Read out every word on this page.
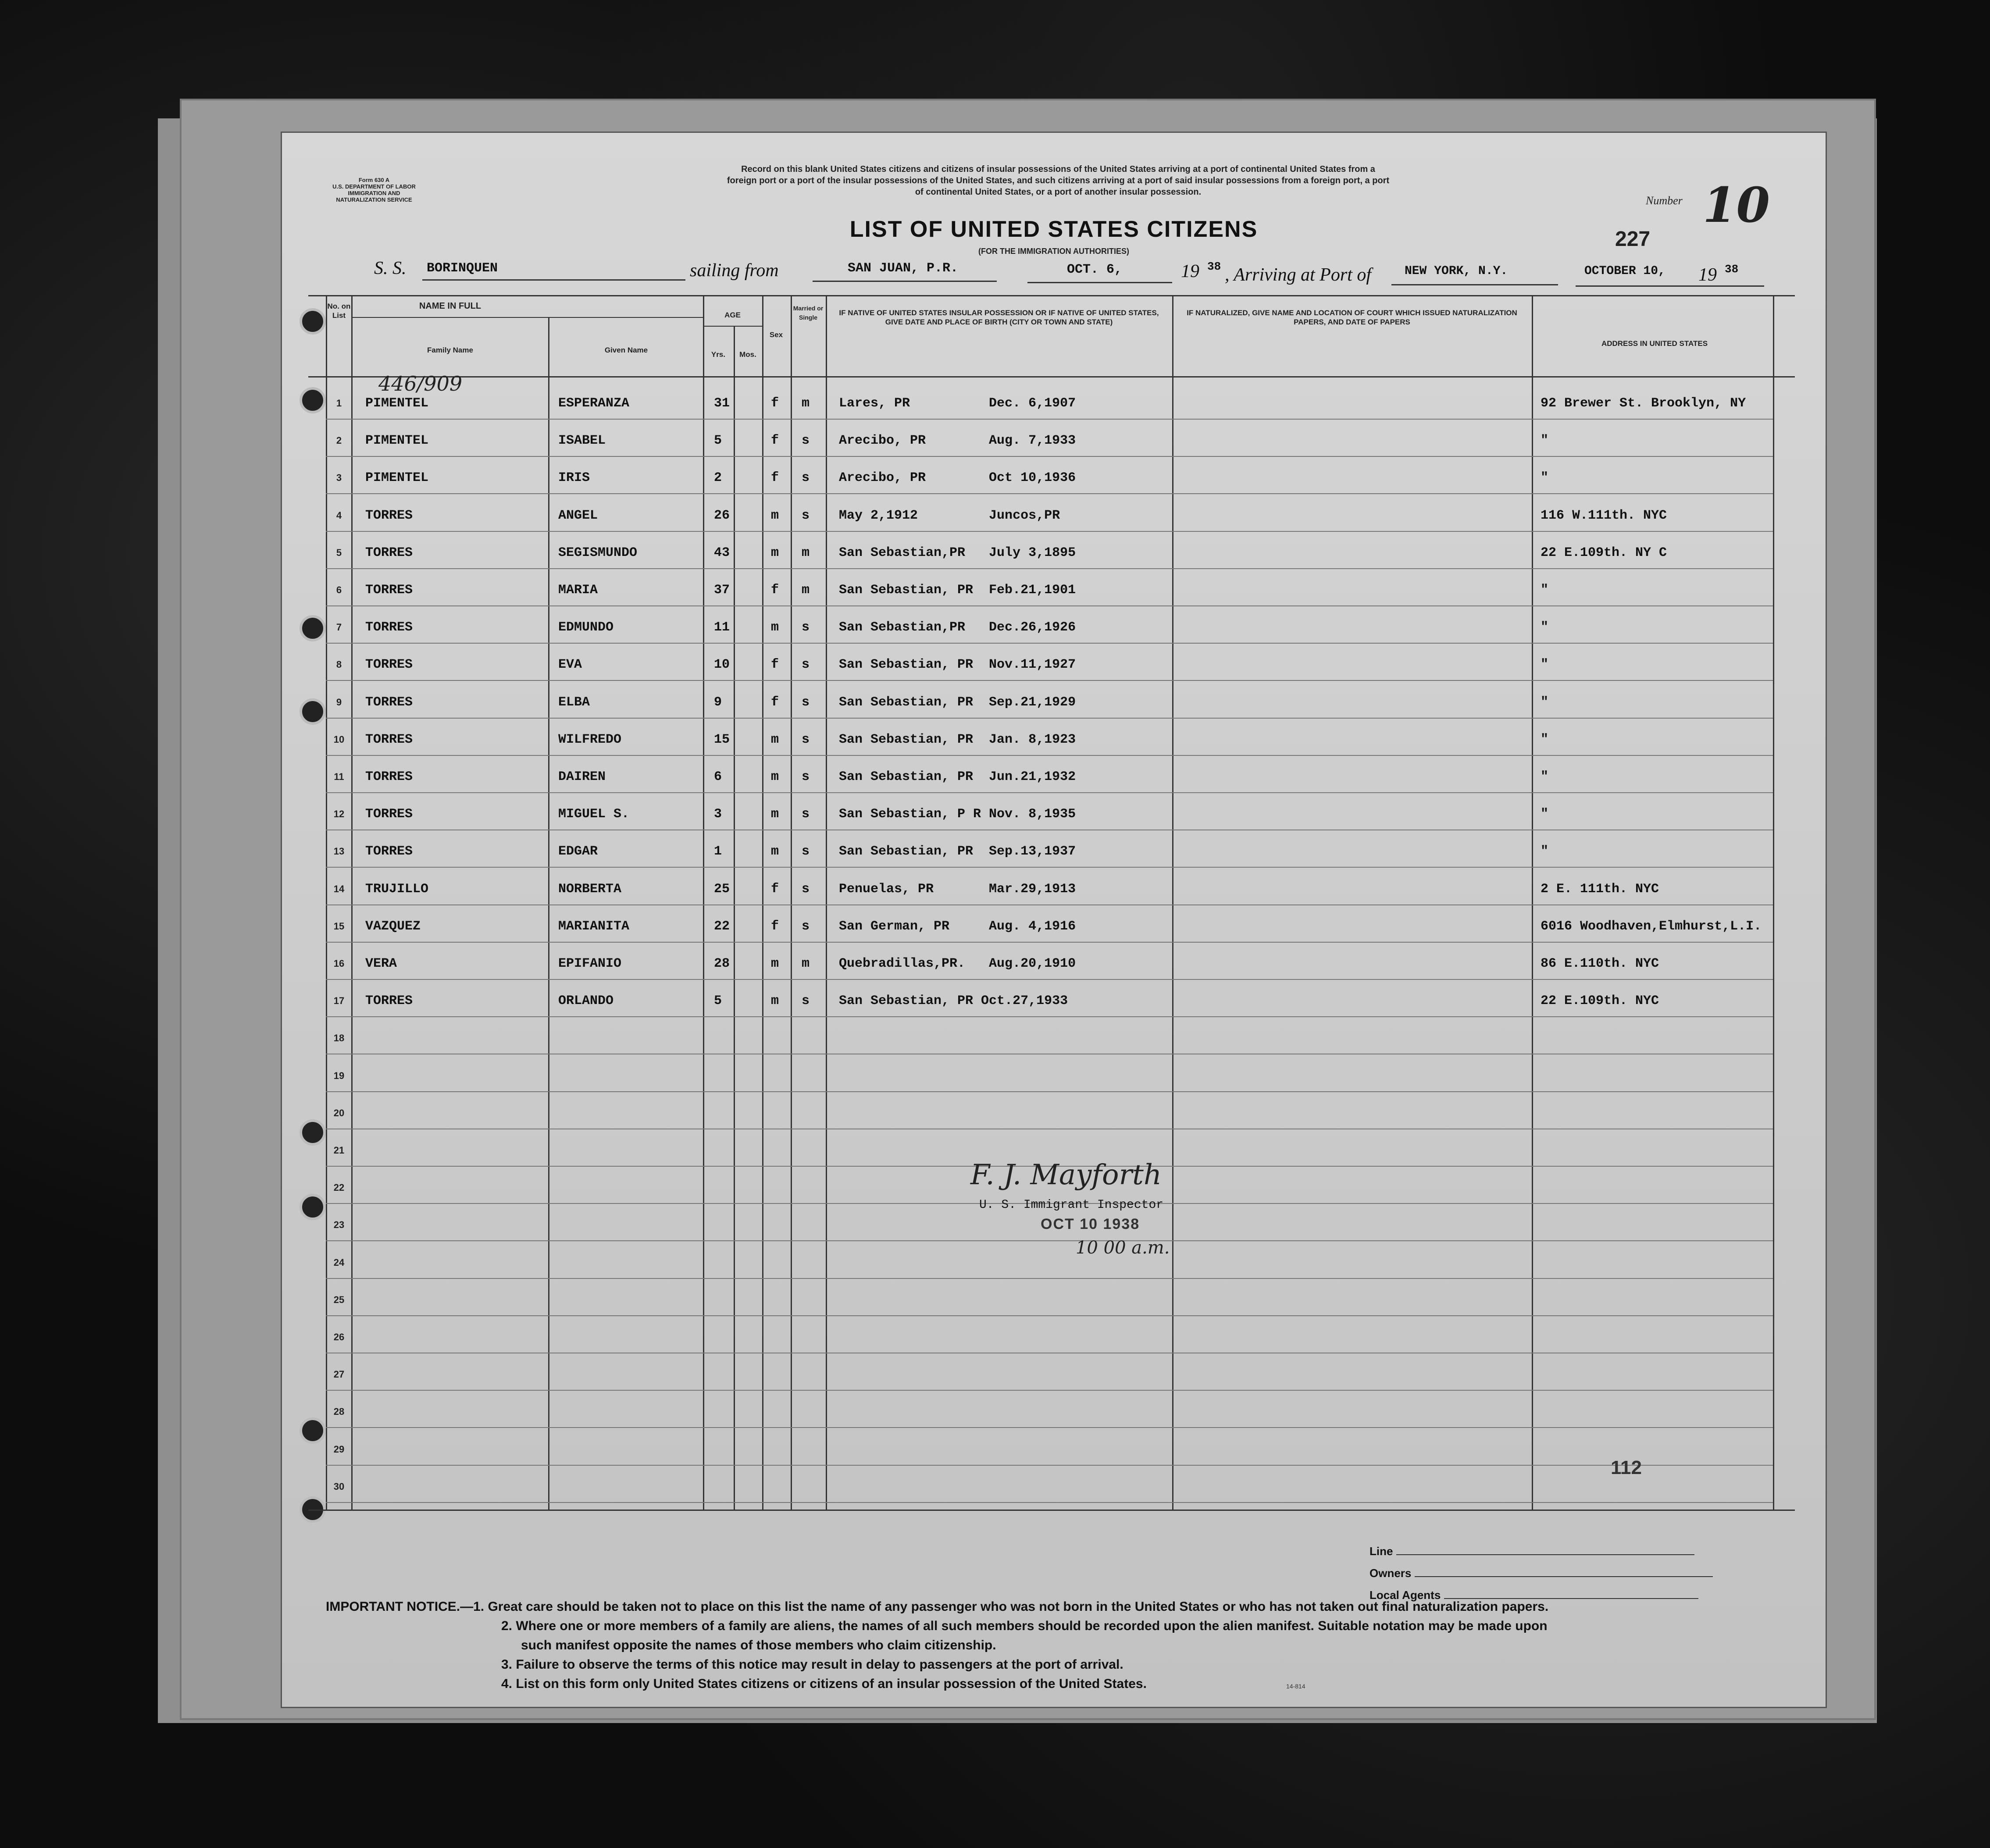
Form 630 A
U.S. DEPARTMENT OF LABOR
IMMIGRATION AND
NATURALIZATION SERVICE
Record on this blank United States citizens and citizens of insular possessions of the United States arriving at a port of continental United States from a
foreign port or a port of the insular possessions of the United States, and such citizens arriving at a port of said insular possessions from a foreign port, a port
of continental United States, or a port of another insular possession.
Number 10
227
LIST OF UNITED STATES CITIZENS
(FOR THE IMMIGRATION AUTHORITIES)
S. S. BORINQUEN	sailing from	SAN JUAN, P.R.	OCT. 6,	19 38 , Arriving at Port of	NEW YORK, N.Y.	OCTOBER 10, 19 38
No. on List
NAME IN FULL
Family Name	Given Name
AGE
Yrs.	Mos.
Sex
Married or Single
IF NATIVE OF UNITED STATES INSULAR POSSESSION OR IF NATIVE OF UNITED STATES, GIVE DATE AND PLACE OF BIRTH (CITY OR TOWN AND STATE)
IF NATURALIZED, GIVE NAME AND LOCATION OF COURT WHICH ISSUED NATURALIZATION PAPERS, AND DATE OF PAPERS
ADDRESS IN UNITED STATES
446/909
1	PIMENTEL	ESPERANZA	31	f m Lares, PR          Dec. 6,1907	92 Brewer St. Brooklyn, NY
2	PIMENTEL	ISABEL	5	f s Arecibo, PR        Aug. 7,1933	"
3	PIMENTEL	IRIS	2	f s Arecibo, PR        Oct 10,1936	"
4	TORRES	ANGEL	26	m s May 2,1912         Juncos,PR	116 W.111th. NYC
5	TORRES	SEGISMUNDO	43	m m San Sebastian,PR   July 3,1895	22 E.109th. NY C
6	TORRES	MARIA	37	f m San Sebastian, PR  Feb.21,1901	"
7	TORRES	EDMUNDO	11	m s San Sebastian,PR   Dec.26,1926	"
8	TORRES	EVA	10	f s San Sebastian, PR  Nov.11,1927	"
9	TORRES	ELBA	9	f s San Sebastian, PR  Sep.21,1929	"
10	TORRES	WILFREDO	15	m s San Sebastian, PR  Jan. 8,1923	"
11	TORRES	DAIREN	6	m s San Sebastian, PR  Jun.21,1932	"
12	TORRES	MIGUEL S.	3	m s San Sebastian, P R Nov. 8,1935	"
13	TORRES	EDGAR	1	m s San Sebastian, PR  Sep.13,1937	"
14	TRUJILLO	NORBERTA	25	f s Penuelas, PR       Mar.29,1913	2 E. 111th. NYC
15	VAZQUEZ	MARIANITA	22	f s San German, PR     Aug. 4,1916	6016 Woodhaven,Elmhurst,L.I.
16	VERA	EPIFANIO	28	m m Quebradillas,PR.   Aug.20,1910	86 E.110th. NYC
17	TORRES	ORLANDO	5	m s San Sebastian, PR Oct.27,1933	22 E.109th. NYC
18
19
20
21
22
23
24
25
26
27
28
29
30
F. J. Mayforth
U. S. Immigrant Inspector
OCT 10 1938
10 00 a.m.
112
Line
Owners
Local Agents
IMPORTANT NOTICE.—1. Great care should be taken not to place on this list the name of any passenger who was not born in the United States or who has not taken out final naturalization papers.
2. Where one or more members of a family are aliens, the names of all such members should be recorded upon the alien manifest. Suitable notation may be made upon
such manifest opposite the names of those members who claim citizenship.
3. Failure to observe the terms of this notice may result in delay to passengers at the port of arrival.
4. List on this form only United States citizens or citizens of an insular possession of the United States.	14-814
